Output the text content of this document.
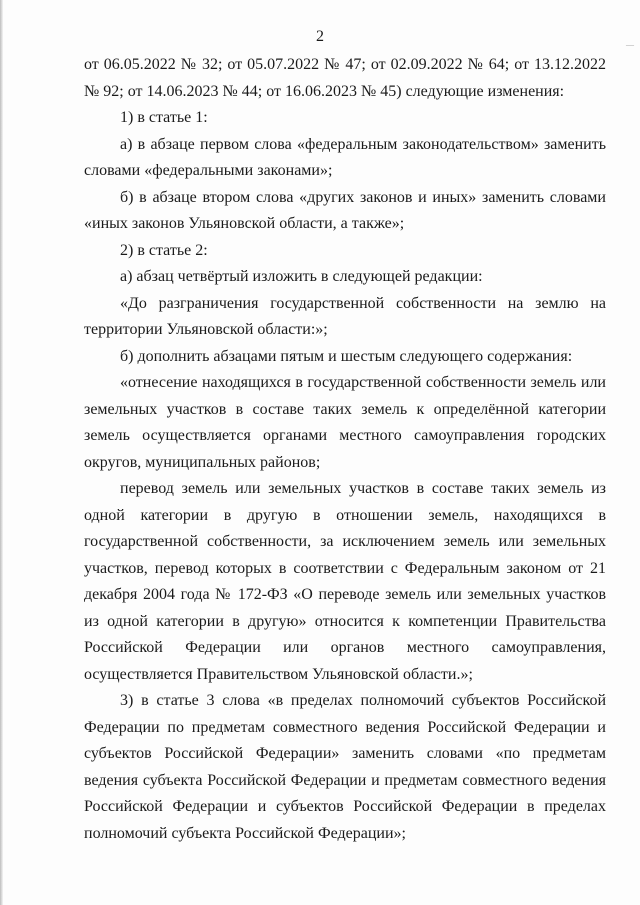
2	—

от 06.05.2022 № 32; от 05.07.2022 № 47; от 02.09.2022 № 64; от 13.12.2022 № 92; от 14.06.2023 № 44; от 16.06.2023 № 45) следующие изменения:

1) в статье 1:

а) в абзаце первом слова «федеральным законодательством» заменить словами «федеральными законами»;

б) в абзаце втором слова «других законов и иных» заменить словами «иных законов Ульяновской области, а также»;

2) в статье 2:

а) абзац четвёртый изложить в следующей редакции:

«До разграничения государственной собственности на землю на территории Ульяновской области:»;

б) дополнить абзацами пятым и шестым следующего содержания:

«отнесение находящихся в государственной собственности земель или земельных участков в составе таких земель к определённой категории земель осуществляется органами местного самоуправления городских округов, муниципальных районов;

перевод земель или земельных участков в составе таких земель из одной категории в другую в отношении земель, находящихся в государственной собственности, за исключением земель или земельных участков, перевод которых в соответствии с Федеральным законом от 21 декабря 2004 года № 172-ФЗ «О переводе земель или земельных участков из одной категории в другую» относится к компетенции Правительства Российской Федерации или органов местного самоуправления, осуществляется Правительством Ульяновской области.»;

3) в статье 3 слова «в пределах полномочий субъектов Российской Федерации по предметам совместного ведения Российской Федерации и субъектов Российской Федерации» заменить словами «по предметам ведения субъекта Российской Федерации и предметам совместного ведения Российской Федерации и субъектов Российской Федерации в пределах полномочий субъекта Российской Федерации»;
